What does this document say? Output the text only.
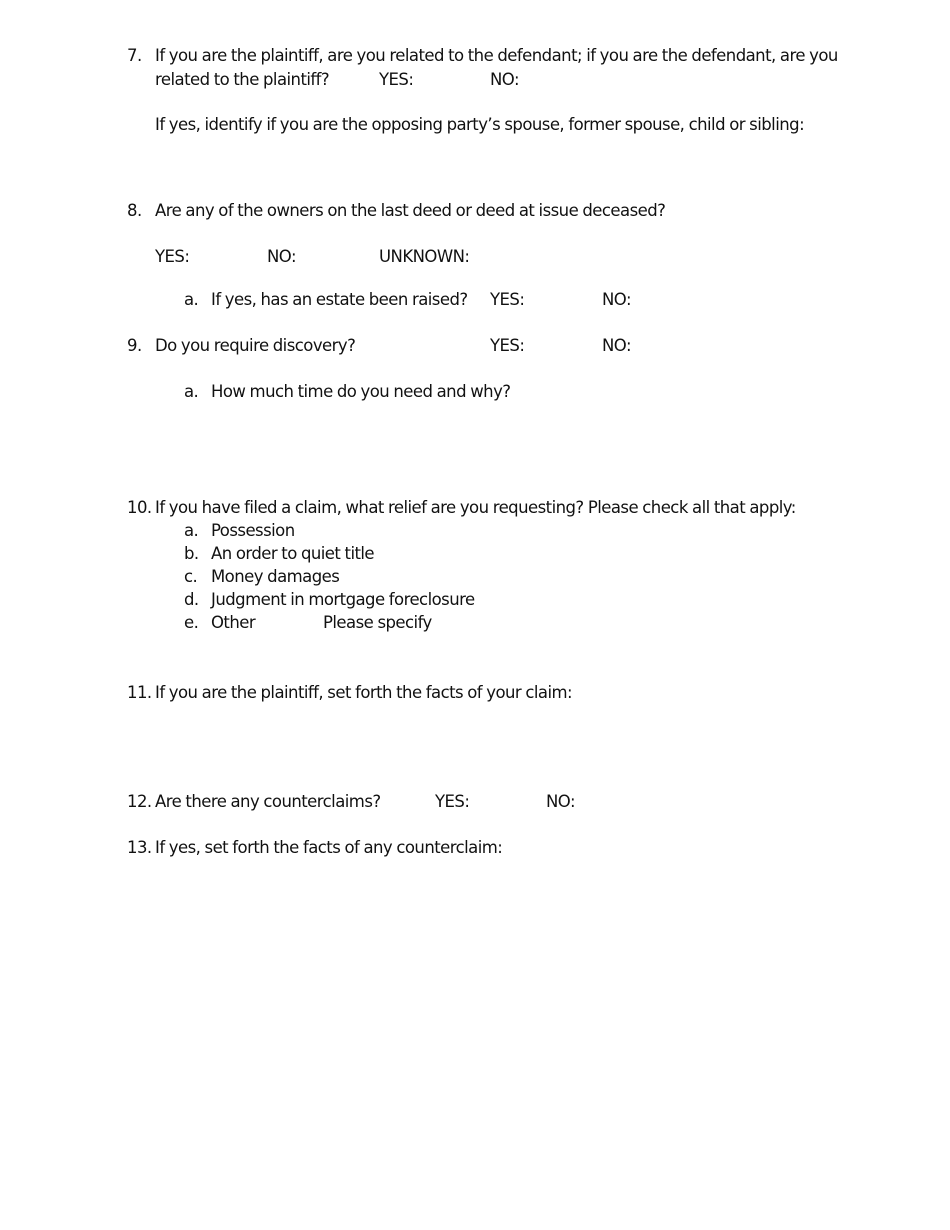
7. If you are the plaintiff, are you related to the defendant; if you are the defendant, are you
related to the plaintiff?	YES:	NO:
If yes, identify if you are the opposing party’s spouse, former spouse, child or sibling:
8. Are any of the owners on the last deed or deed at issue deceased?
YES:	NO:	UNKNOWN:
a. If yes, has an estate been raised? YES:	NO:
9. Do you require discovery?	YES:	NO:
a. How much time do you need and why?
10. If you have filed a claim, what relief are you requesting? Please check all that apply:
a. Possession
b. An order to quiet title
c. Money damages
d. Judgment in mortgage foreclosure
e. Other	Please specify
11. If you are the plaintiff, set forth the facts of your claim:
12. Are there any counterclaims?	YES:	NO:
13. If yes, set forth the facts of any counterclaim:
